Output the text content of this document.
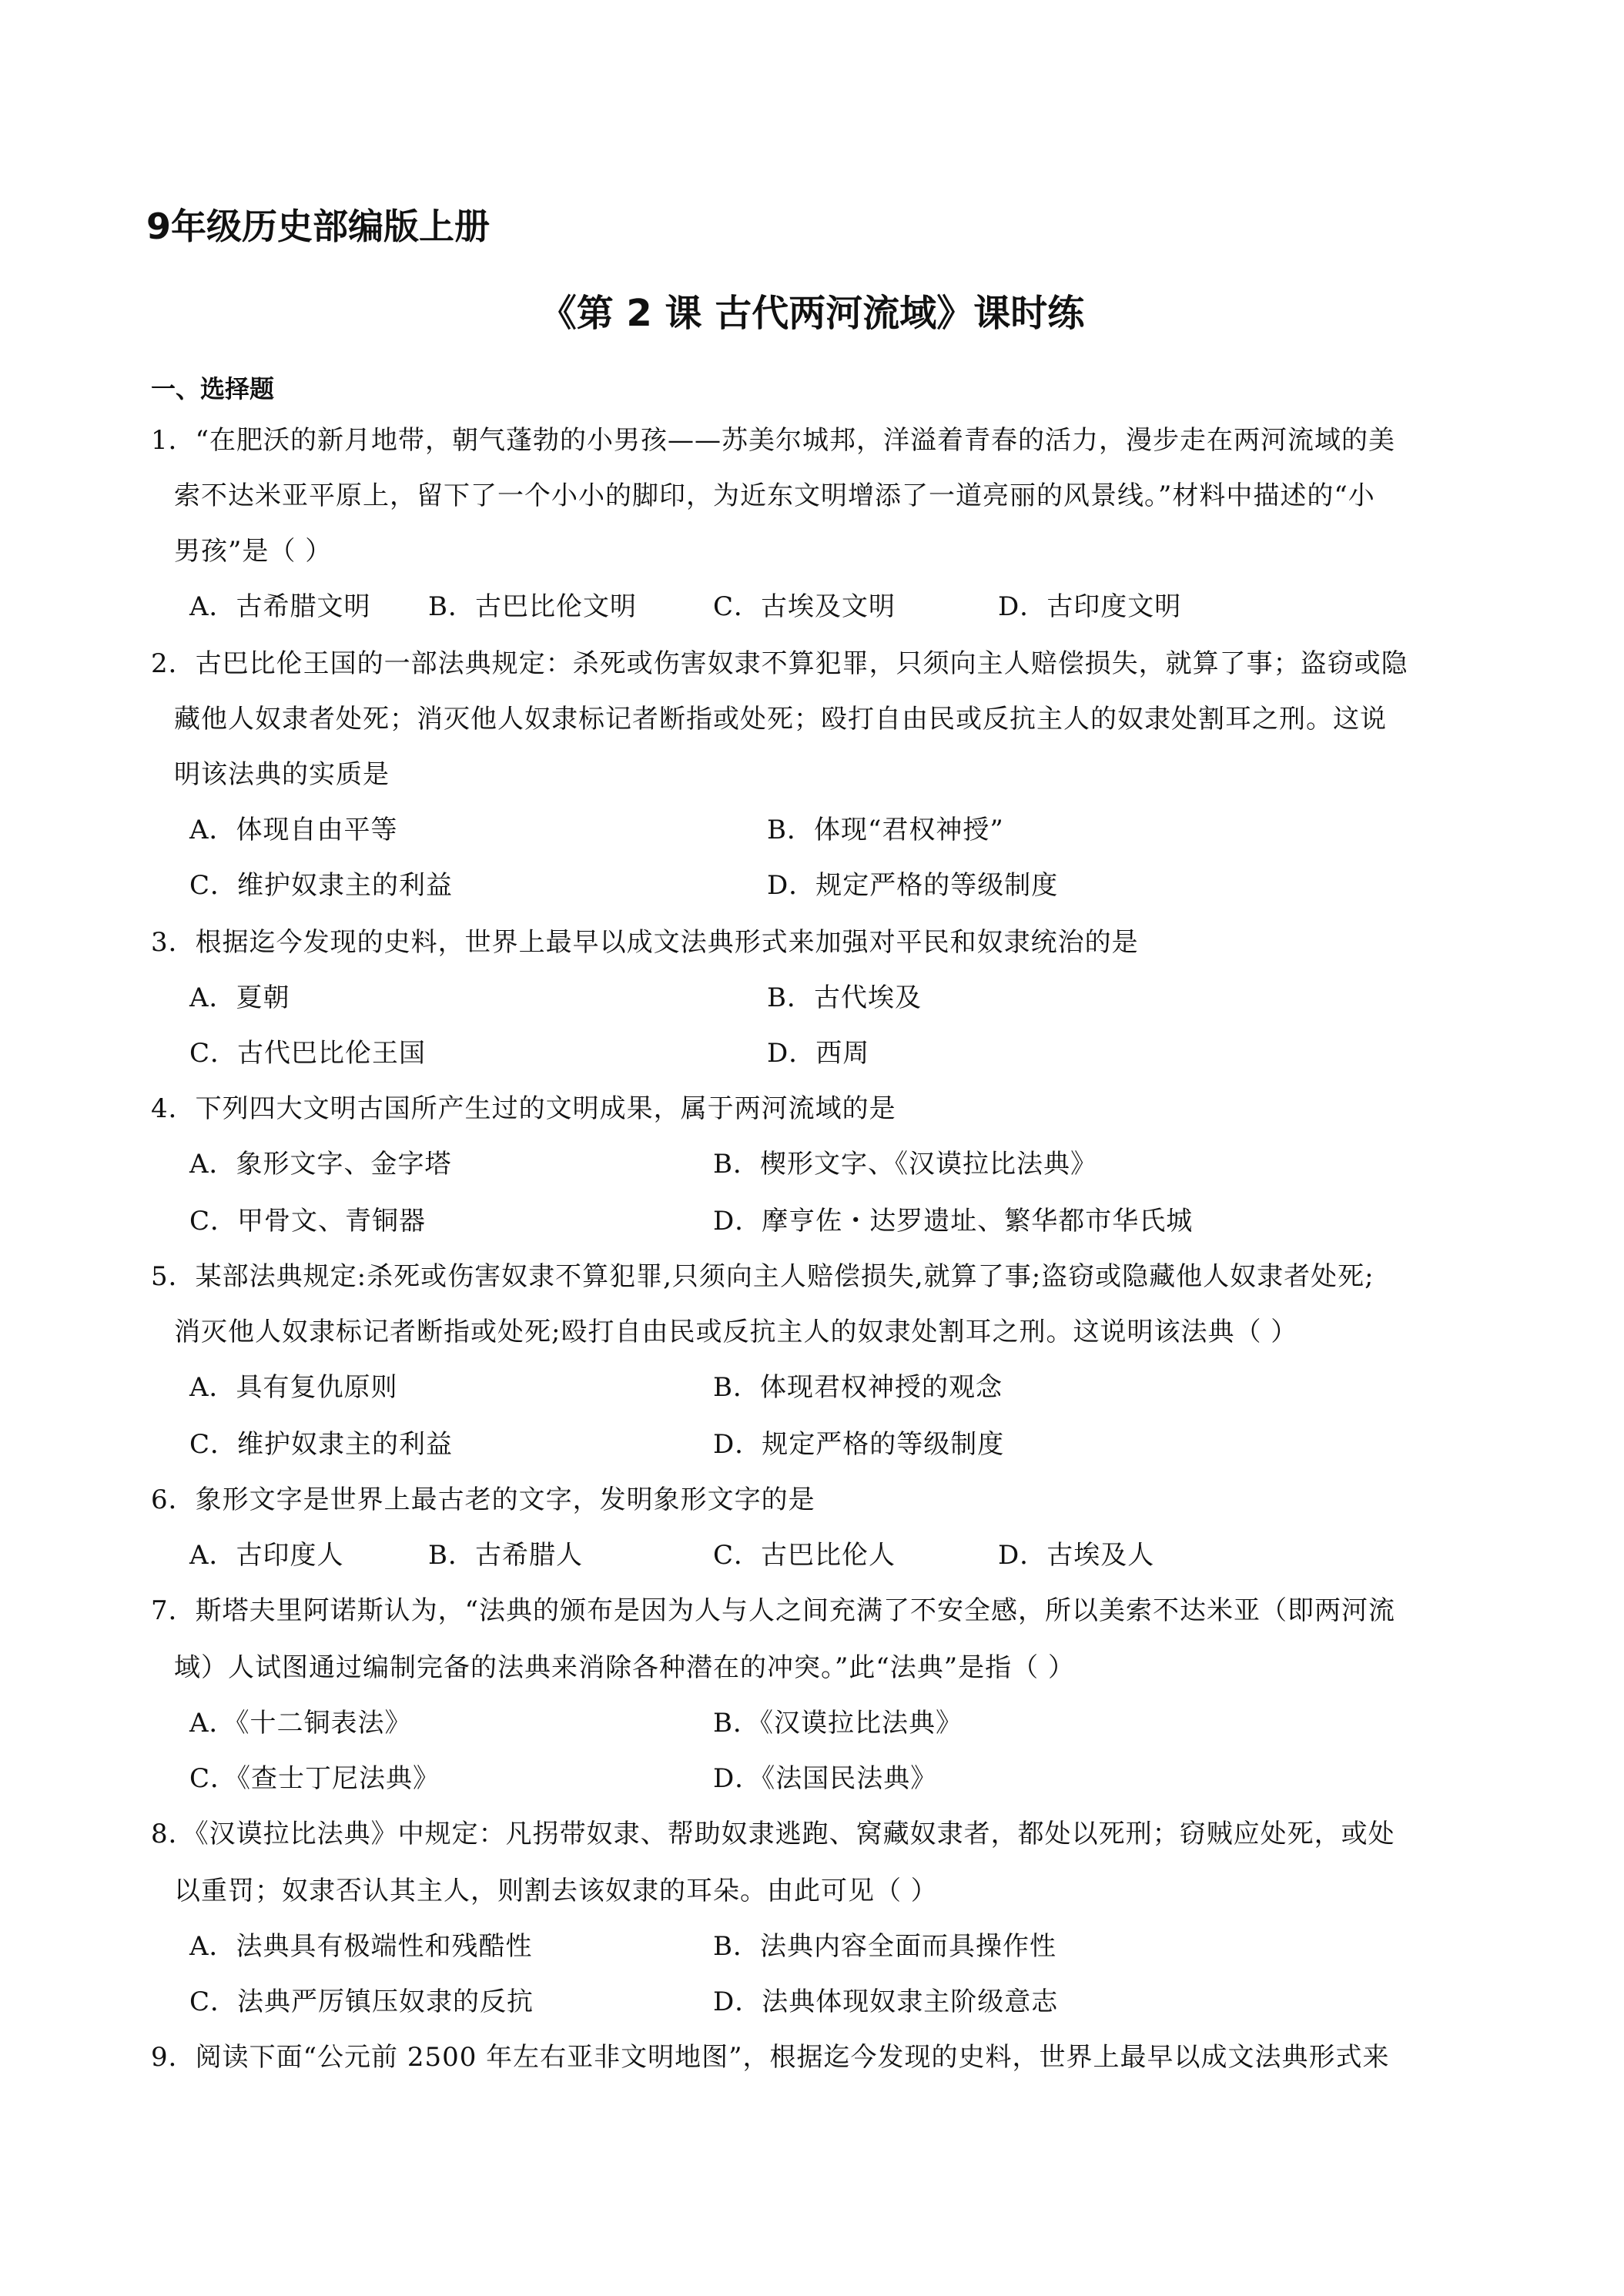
9年级历史部编版上册
《第 2 课 古代两河流域》课时练
一、选择题
1．“在肥沃的新月地带，朝气蓬勃的小男孩——苏美尔城邦，洋溢着青春的活力，漫步走在两河流域的美
索不达米亚平原上，留下了一个小小的脚印，为近东文明增添了一道亮丽的风景线。”材料中描述的“小
男孩”是（ ）
A．古希腊文明 B．古巴比伦文明	C．古埃及文明	D．古印度文明
2．古巴比伦王国的一部法典规定：杀死或伤害奴隶不算犯罪，只须向主人赔偿损失，就算了事；盗窃或隐
藏他人奴隶者处死；消灭他人奴隶标记者断指或处死；殴打自由民或反抗主人的奴隶处割耳之刑。这说
明该法典的实质是
A．体现自由平等	B．体现“君权神授”
C．维护奴隶主的利益	D．规定严格的等级制度
3．根据迄今发现的史料，世界上最早以成文法典形式来加强对平民和奴隶统治的是
A．夏朝	B．古代埃及
C．古代巴比伦王国	D．西周
4．下列四大文明古国所产生过的文明成果，属于两河流域的是
A．象形文字、金字塔	B．楔形文字、《汉谟拉比法典》
C．甲骨文、青铜器	D．摩亨佐・达罗遗址、繁华都市华氏城
5．某部法典规定:杀死或伤害奴隶不算犯罪,只须向主人赔偿损失,就算了事;盗窃或隐藏他人奴隶者处死;
消灭他人奴隶标记者断指或处死;殴打自由民或反抗主人的奴隶处割耳之刑。这说明该法典（ ）
A．具有复仇原则	B．体现君权神授的观念
C．维护奴隶主的利益	D．规定严格的等级制度
6．象形文字是世界上最古老的文字，发明象形文字的是
A．古印度人	B．古希腊人	C．古巴比伦人	D．古埃及人
7．斯塔夫里阿诺斯认为，“法典的颁布是因为人与人之间充满了不安全感，所以美索不达米亚（即两河流
域）人试图通过编制完备的法典来消除各种潜在的冲突。”此“法典”是指（ ）
A．《十二铜表法》	B．《汉谟拉比法典》
C．《查士丁尼法典》	D．《法国民法典》
8．《汉谟拉比法典》中规定：凡拐带奴隶、帮助奴隶逃跑、窝藏奴隶者，都处以死刑；窃贼应处死，或处
以重罚；奴隶否认其主人，则割去该奴隶的耳朵。由此可见（ ）
A．法典具有极端性和残酷性	B．法典内容全面而具操作性
C．法典严厉镇压奴隶的反抗	D．法典体现奴隶主阶级意志
9．阅读下面“公元前 2500 年左右亚非文明地图”，根据迄今发现的史料，世界上最早以成文法典形式来
